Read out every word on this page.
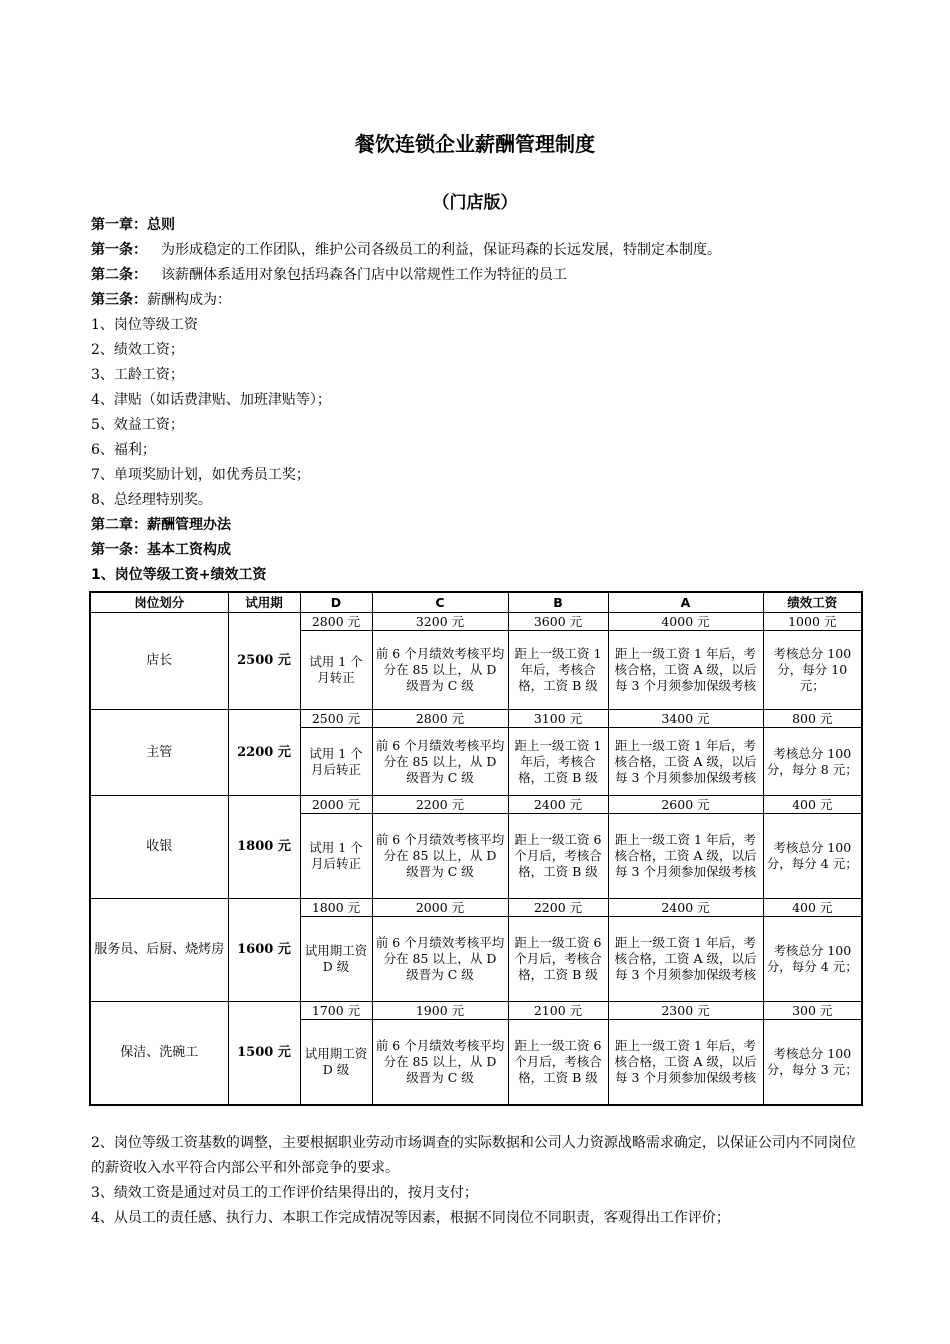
餐饮连锁企业薪酬管理制度
（门店版）
第一章：总则
第一条： 为形成稳定的工作团队，维护公司各级员工的利益，保证玛森的长远发展，特制定本制度。
第二条： 该薪酬体系适用对象包括玛森各门店中以常规性工作为特征的员工
第三条：薪酬构成为：
1、岗位等级工资
2、绩效工资；
3、工龄工资；
4、津贴（如话费津贴、加班津贴等）；
5、效益工资；
6、福利；
7、单项奖励计划，如优秀员工奖；
8、总经理特别奖。
第二章：薪酬管理办法
第一条：基本工资构成
1、岗位等级工资+绩效工资
岗位划分	试用期	D	C	B	A	绩效工资
店长	2500 元	2800 元	3200 元	3600 元	4000 元	1000 元
		试用 1 个月转正	前 6 个月绩效考核平均分在 85 以上，从 D 级晋为 C 级	距上一级工资 1 年后，考核合格，工资 B 级	距上一级工资 1 年后，考核合格，工资 A 级，以后每 3 个月须参加保级考核	考核总分 100 分，每分 10 元；
主管	2200 元	2500 元	2800 元	3100 元	3400 元	800 元
		试用 1 个月后转正	前 6 个月绩效考核平均分在 85 以上，从 D 级晋为 C 级	距上一级工资 1 年后，考核合格，工资 B 级	距上一级工资 1 年后，考核合格，工资 A 级，以后每 3 个月须参加保级考核	考核总分 100 分，每分 8 元；
收银	1800 元	2000 元	2200 元	2400 元	2600 元	400 元
		试用 1 个月后转正	前 6 个月绩效考核平均分在 85 以上，从 D 级晋为 C 级	距上一级工资 6 个月后，考核合格，工资 B 级	距上一级工资 1 年后，考核合格，工资 A 级，以后每 3 个月须参加保级考核	考核总分 100 分，每分 4 元；
服务员、后厨、烧烤房	1600 元	1800 元	2000 元	2200 元	2400 元	400 元
		试用期工资 D 级	前 6 个月绩效考核平均分在 85 以上，从 D 级晋为 C 级	距上一级工资 6 个月后，考核合格，工资 B 级	距上一级工资 1 年后，考核合格，工资 A 级，以后每 3 个月须参加保级考核	考核总分 100 分，每分 4 元；
保洁、洗碗工	1500 元	1700 元	1900 元	2100 元	2300 元	300 元
		试用期工资 D 级	前 6 个月绩效考核平均分在 85 以上，从 D 级晋为 C 级	距上一级工资 6 个月后，考核合格，工资 B 级	距上一级工资 1 年后，考核合格，工资 A 级，以后每 3 个月须参加保级考核	考核总分 100 分，每分 3 元；
2、岗位等级工资基数的调整，主要根据职业劳动市场调查的实际数据和公司人力资源战略需求确定，以保证公司内不同岗位的薪资收入水平符合内部公平和外部竞争的要求。
3、绩效工资是通过对员工的工作评价结果得出的，按月支付；
4、从员工的责任感、执行力、本职工作完成情况等因素，根据不同岗位不同职责，客观得出工作评价；
